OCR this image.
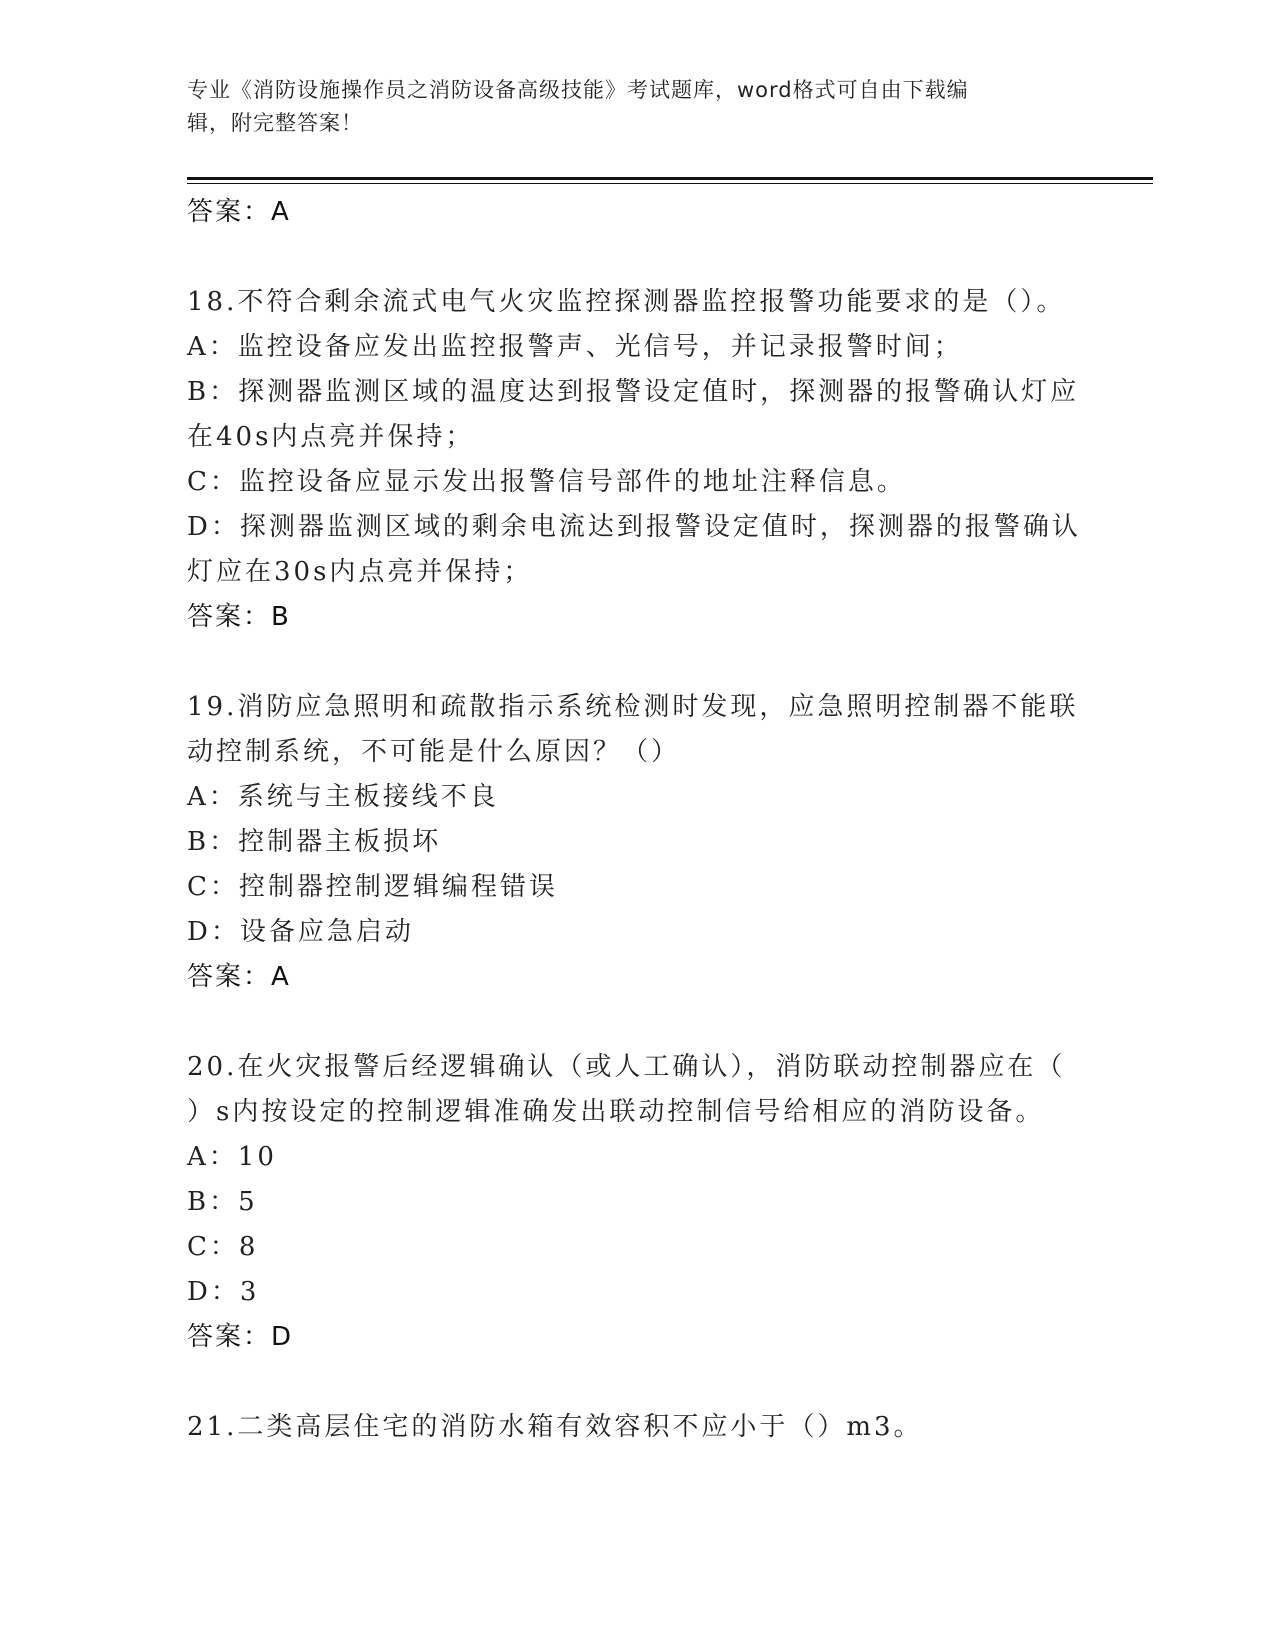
专业《消防设施操作员之消防设备高级技能》考试题库，word格式可自由下载编
辑，附完整答案！
答案：A
18.不符合剩余流式电气火灾监控探测器监控报警功能要求的是（）。
A：监控设备应发出监控报警声、光信号，并记录报警时间；
B：探测器监测区域的温度达到报警设定值时，探测器的报警确认灯应
在40s内点亮并保持；
C：监控设备应显示发出报警信号部件的地址注释信息。
D：探测器监测区域的剩余电流达到报警设定值时，探测器的报警确认
灯应在30s内点亮并保持；
答案：B
19.消防应急照明和疏散指示系统检测时发现，应急照明控制器不能联
动控制系统，不可能是什么原因？（）
A：系统与主板接线不良
B：控制器主板损坏
C：控制器控制逻辑编程错误
D：设备应急启动
答案：A
20.在火灾报警后经逻辑确认（或人工确认），消防联动控制器应在（
）s内按设定的控制逻辑准确发出联动控制信号给相应的消防设备。
A：10
B：5
C：8
D：3
答案：D
21.二类高层住宅的消防水箱有效容积不应小于（）m3。
